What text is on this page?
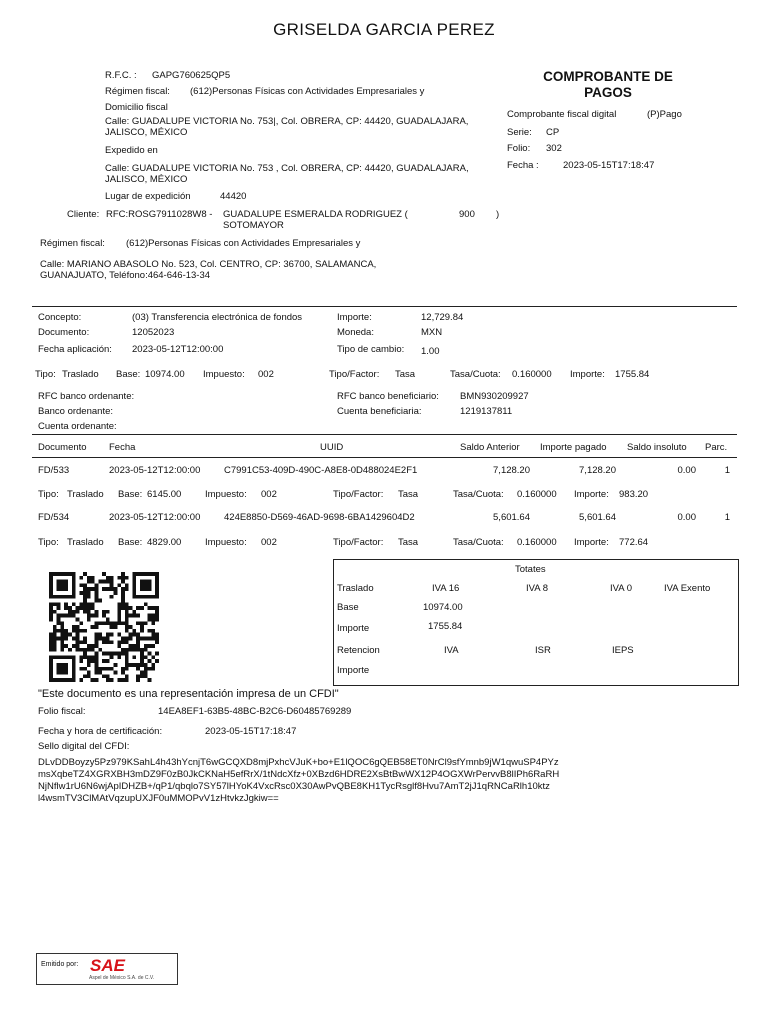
GRISELDA GARCIA PEREZ
R.F.C. : GAPG760625QP5
Régimen fiscal: (612)Personas Físicas con Actividades Empresariales y
Domicilio fiscal
Calle: GUADALUPE VICTORIA No. 753|, Col. OBRERA, CP: 44420, GUADALAJARA, JALISCO, MÉXICO
Expedido en
Calle: GUADALUPE VICTORIA No. 753 , Col. OBRERA, CP: 44420, GUADALAJARA, JALISCO, MÉXICO
Lugar de expedición	44420
COMPROBANTE DE PAGOS
Comprobante fiscal digital	(P)Pago
Serie: CP
Folio: 302
Fecha :	2023-05-15T17:18:47
Cliente: RFC:ROSG7911028W8 - GUADALUPE ESMERALDA RODRIGUEZ ( SOTOMAYOR
900 )
Régimen fiscal: (612)Personas Físicas con Actividades Empresariales y
Calle: MARIANO ABASOLO No. 523, Col. CENTRO, CP: 36700, SALAMANCA, GUANAJUATO, Teléfono:464-646-13-34
Concepto:	(03) Transferencia electrónica de fondos	Importe:	12,729.84
Documento:	12052023	Moneda:	MXN
Fecha aplicación: 2023-05-12T12:00:00	Tipo de cambio: 1.00
Tipo: Traslado Base: 10974.00 Impuesto: 002	Tipo/Factor: Tasa	Tasa/Cuota: 0.160000 Importe: 1755.84
RFC banco ordenante:	RFC banco beneficiario: BMN930209927
Banco ordenante:	Cuenta beneficiaria:	1219137811
Cuenta ordenante:
Documento Fecha	UUID	Saldo Anterior Importe pagado Saldo insoluto Parc.
FD/533	2023-05-12T12:00:00 C7991C53-409D-490C-A8E8-0D488024E2F1	7,128.20	7,128.20	0.00	1
Tipo: Traslado Base: 6145.00 Impuesto: 002	Tipo/Factor: Tasa	Tasa/Cuota: 0.160000 Importe: 983.20
FD/534	2023-05-12T12:00:00 424E8850-D569-46AD-9698-6BA1429604D2	5,601.64	5,601.64	0.00	1
Tipo: Traslado Base: 4829.00 Impuesto: 002	Tipo/Factor: Tasa	Tasa/Cuota: 0.160000 Importe: 772.64
Totates
Traslado	IVA 16	IVA 8	IVA 0	IVA Exento
Base	10974.00
Importe	1755.84
Retencion	IVA	ISR	IEPS
Importe
"Este documento es una representación impresa de un CFDI"
Folio fiscal:	14EA8EF1-63B5-48BC-B2C6-D60485769289
Fecha y hora de certificación:	2023-05-15T17:18:47
Sello digital del CFDI:
DLvDDBoyzy5Pz979KSahL4h43hYcnjT6wGCQXD8mjPxhcVJuK+bo+E1lQOC6gQEB58ET0NrCl9sfYmnb9jW1qwuSP4PYz
msXqbeTZ4XGRXBH3mDZ9F0zB0JkCKNaH5efRrX/1tNdcXfz+0XBzd6HDRE2XsBtBwWX12P4OGXWrPervvB8lIPh6RaRH
NjNflw1rU6N6wjApIDHZB+/qP1/qbqlo7SY57lHYoK4VxcRsc0X30AwPvQBE8KH1TycRsglf8Hvu7AmT2jJ1qRNCaRlh10ktz
l4wsmTV3ClMAtVqzupUXJF0uMMOPvV1zHtvkzJgkiw==
Emitido por: SAE
Aspel de México S.A. de C.V.
